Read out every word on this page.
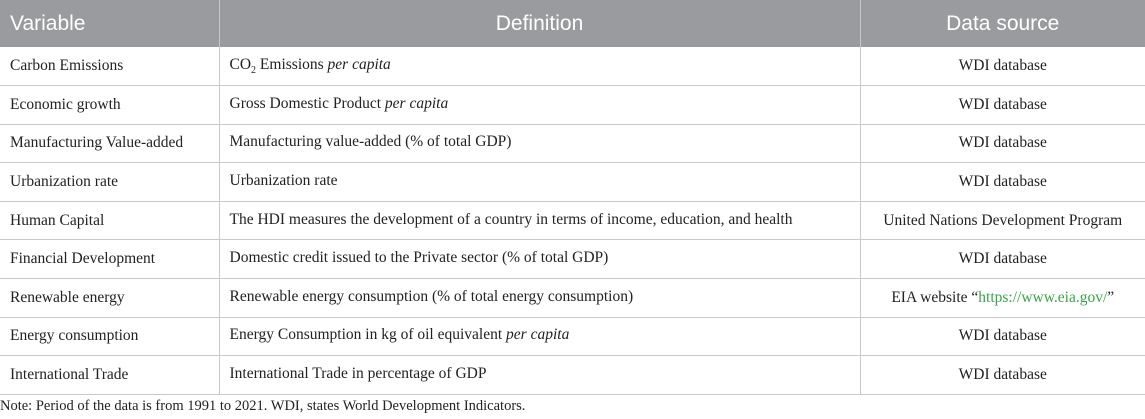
Variable	Definition	Data source
Carbon Emissions	$CO_2$ Emissions per capita	WDI database
Economic growth	Gross Domestic Product per capita	WDI database
Manufacturing Value-added	Manufacturing value-added (% of total GDP)	WDI database
Urbanization rate	Urbanization rate	WDI database
Human Capital	The HDI measures the development of a country in terms of income, education, and health	United Nations Development Program
Financial Development	Domestic credit issued to the Private sector (% of total GDP)	WDI database
Renewable energy	Renewable energy consumption (% of total energy consumption)	EIA website “https://www.eia.gov/”
Energy consumption	Energy Consumption in kg of oil equivalent per capita	WDI database
International Trade	International Trade in percentage of GDP	WDI database
Note: Period of the data is from 1991 to 2021. WDI, states World Development Indicators.
